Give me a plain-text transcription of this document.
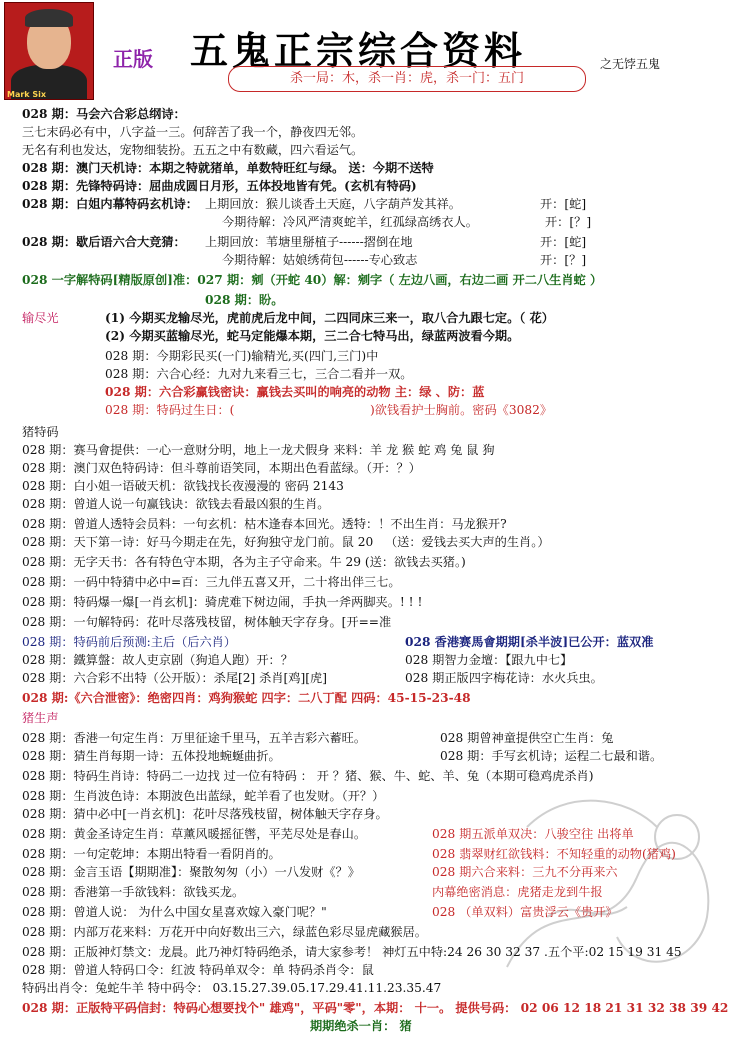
Mark Six
正版 五鬼正宗综合资料	之无饽五鬼
杀一局：木，杀一肖：虎，杀一门：五门
028 期：马会六合彩总纲诗：
三七末码必有中，八字益一三。何辞苦了我一个，静夜四无邻。
无名有利也发达，宠物细装扮。五五之中有数藏，四六看运气。
028 期：澳门天机诗：本期之特就猪单，单数特旺红与绿。 送：今期不送特
028 期：先锋特码诗：屈曲成圆日月形，五体投地皆有凭。(玄机有特码)
028 期：白姐内幕特码玄机诗： 上期回放：猴儿谈香土天庭，八字葫芦发其祥。	开：[蛇]
今期待解：冷风严清爽蛇羊，红孤绿高绣衣人。	开：[？]
028 期：歇后语六合大竞猜： 上期回放：苇塘里掰植子------摺倒在地	开：[蛇]
今期待解：姑娘绣荷包------专心致志	开：[？]
028 一字解特码[精版原创]准：027 期：剜（开蛇 40）解：剜字（ 左边八画，右边二画 开二八生肖蛇 ）
028 期：盼。
输尽光	(1) 今期买龙输尽光，虎前虎后龙中间，二四同床三来一，取八合九跟七定。（ 花）
(2) 今期买蓝输尽光，蛇马定能爆本期，三二合七特马出，绿蓝两波看今期。
028 期：今期彩民买(一门)输精光,买(四门,三门)中
028 期：六合心经：九对九来看三七，三合二看并一双。
028 期：六合彩赢钱密诀：赢钱去买叫的响亮的动物 主：绿 、防：蓝
028 期：特码过生日：(	)欲钱看护士胸前。密码《3082》
猪特码
028 期：赛马會提供：一心一意财分明，地上一龙犬假身 来料：羊 龙 猴 蛇 鸡 兔 鼠 狗
028 期：澳门双色特码诗：但斗尊前语笑同，本期出色看蓝绿。（开：？）
028 期：白小姐一语破天机：欲钱找长夜漫漫的 密码 2143
028 期：曾道人说一句赢钱诀：欲钱去看最凶狠的生肖。
028 期：曾道人透特会员料：一句玄机：枯木逢春本回光。透特：！不出生肖：马龙猴开?
028 期：天下第一诗：好马今期走在先，好狗独守龙门前。鼠 20 （送：爱钱去买大声的生肖。）
028 期：无字天书：各有特色守本期，各为主子守命来。牛 29 (送：欲钱去买猪。)
028 期：一码中特猜中必中=百：三九伴五喜又开，二十将出伴三七。
028 期：特码爆一爆[一肖玄机]：骑虎难下树边闹，手执一斧两脚夹。! ! !
028 期：一句解特码：花叶尽落残枝留，树体触天字存身。[开==准
028 期：特码前后预测:主后（后六肖）	028 香港赛馬會期期[杀半波]已公开：蓝双准
028 期：鐵算盤：故人吏京剧（狗追人跑）开：？	028 期智力金壇：【跟九中七】
028 期：六合彩不出特（公开版）：杀尾[2] 杀肖[鸡][虎]	028 期正版四字梅花诗：水火兵虫。
028 期:《六合泄密》：绝密四肖：鸡狗猴蛇 四字：二八丁配 四码：45-15-23-48
猪生声
028 期：香港一句定生肖：万里征途千里马，五羊吉彩六蓄旺。	028 期曾神童提供空亡生肖：兔
028 期：猜生肖每期一诗：五体投地蜿蜒曲折。	028 期：手写玄机诗；运程二七最和谐。
028 期：特码生肖诗：特码二一边找 过一位有特码 ： 开 ？猪、猴、牛、蛇、羊、兔（本期可稳鸡虎杀肖)
028 期：生肖波色诗：本期波色出蓝绿，蛇羊看了也发财。（开？）
028 期：猜中必中[一肖玄机]：花叶尽落残枝留，树体触天字存身。
028 期：黄金圣诗定生肖：草薰风暖摇征辔，平芜尽处是春山。	028 期五派单双决：八骏空往 出将单
028 期：一句定乾坤：本期出特看一看阴肖的。	028 翡翠财红欲钱料：不知轻重的动物(猪鸡)
028 期：金言玉语【期期准】：聚散匆匆（小）一八发财《？》	028 期六合来料：三九不分再来六
028 期：香港第一手欲钱料：欲钱买龙。	内幕绝密消息：虎猪走龙到牛报
028 期：曾道人说： 为什么中国女星喜欢嫁入豪门呢？"	028 （单双料）富贵浮云《贵开》
028 期：内部万花来料：万花开中向好数出三六，绿蓝色彩尽显虎藏猴居。
028 期：正版神灯禁文：龙晨。此乃神灯特码绝杀，请大家参考！ 神灯五中特:24 26 30 32 37 .五个平:02 15 19 31 45
028 期：曾道人特码口令：红波 特码单双令：单 特码杀肖令：鼠
特码出肖令：兔蛇牛羊 特中码令： 03.15.27.39.05.17.29.41.11.23.35.47
028 期：正版特平码信封：特码心想要找个" 雄鸡"，平码"零"，本期： 十一。 提供号码： 02 06 12 18 21 31 32 38 39 42
期期绝杀一肖： 猪
